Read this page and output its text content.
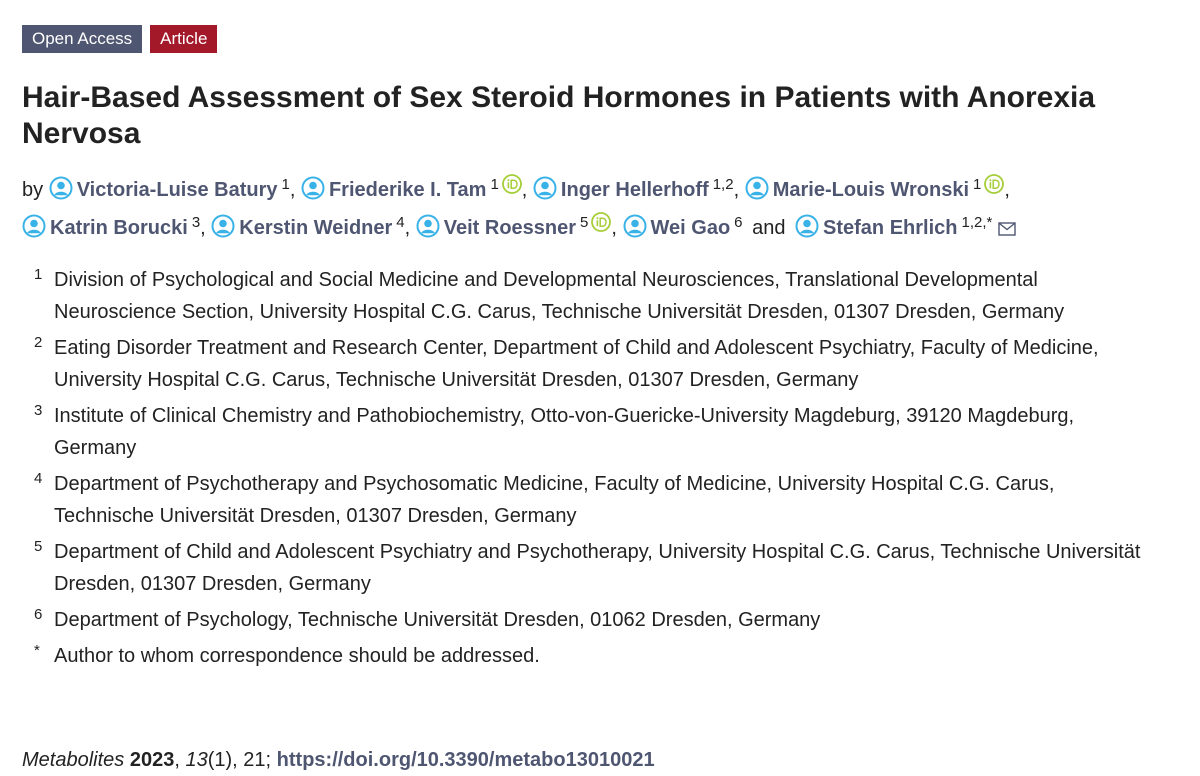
Open Access	Article
Hair-Based Assessment of Sex Steroid Hormones in Patients with Anorexia Nervosa
by Victoria-Luise Batury $^1$, Friederike I. Tam $^1$ , Inger Hellerhoff $^{1,2}$, Marie-Louis Wronski $^1$ ,
Katrin Borucki $^3$, Kerstin Weidner $^4$, Veit Roessner $^5$ , Wei Gao $^6$ and Stefan Ehrlich $^{1,2,*}$
1 Division of Psychological and Social Medicine and Developmental Neurosciences, Translational Developmental Neuroscience Section, University Hospital C.G. Carus, Technische Universität Dresden, 01307 Dresden, Germany
2 Eating Disorder Treatment and Research Center, Department of Child and Adolescent Psychiatry, Faculty of Medicine, University Hospital C.G. Carus, Technische Universität Dresden, 01307 Dresden, Germany
3 Institute of Clinical Chemistry and Pathobiochemistry, Otto-von-Guericke-University Magdeburg, 39120 Magdeburg, Germany
4 Department of Psychotherapy and Psychosomatic Medicine, Faculty of Medicine, University Hospital C.G. Carus, Technische Universität Dresden, 01307 Dresden, Germany
5 Department of Child and Adolescent Psychiatry and Psychotherapy, University Hospital C.G. Carus, Technische Universität Dresden, 01307 Dresden, Germany
6 Department of Psychology, Technische Universität Dresden, 01062 Dresden, Germany
* Author to whom correspondence should be addressed.
Metabolites 2023, 13(1), 21; https://doi.org/10.3390/metabo13010021
